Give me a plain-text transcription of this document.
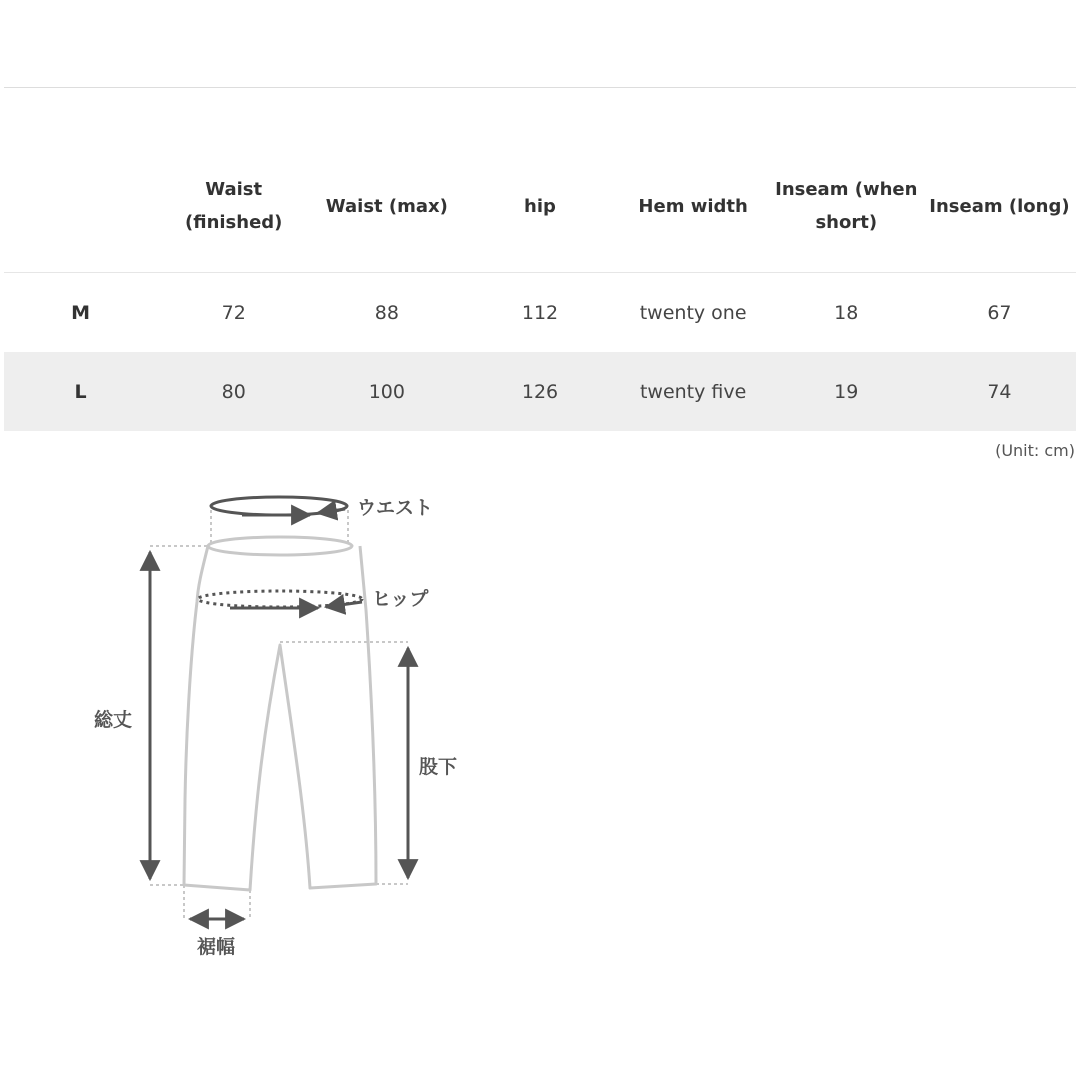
	Waist (finished)	Waist (max)	hip	Hem width	Inseam (when short)	Inseam (long)
M	72	88	112	twenty one	18	67
L	80	100	126	twenty five	19	74
(Unit: cm)
ウエスト
ヒップ
総丈
股下
裾幅
